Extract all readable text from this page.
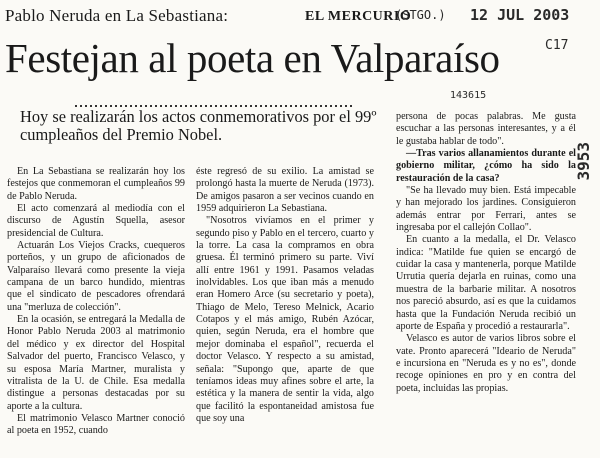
Pablo Neruda en La Sebastiana:	EL MERCURIO
(STGO.) 12 JUL 2003
C17
143615
3953
Festejan al poeta en Valparaíso
Hoy se realizarán los actos conmemorativos por el 99º cumpleaños del Premio Nobel.

En La Sebastiana se realizarán hoy los festejos que conmemoran el cumpleaños 99 de Pablo Neruda.

El acto comenzará al mediodía con el discurso de Agustín Squella, asesor presidencial de Cultura.

Actuarán Los Viejos Cracks, cuequeros porteños, y un grupo de aficionados de Valparaíso llevará como presente la vieja campana de un barco hundido, mientras que el sindicato de pescadores ofrendará una "merluza de colección".

En la ocasión, se entregará la Medalla de Honor Pablo Neruda 2003 al matrimonio del médico y ex director del Hospital Salvador del puerto, Francisco Velasco, y su esposa María Martner, muralista y vitralista de la U. de Chile. Esa medalla distingue a personas destacadas por su aporte a la cultura.

El matrimonio Velasco Martner conoció al poeta en 1952, cuando

éste regresó de su exilio. La amistad se prolongó hasta la muerte de Neruda (1973). De amigos pasaron a ser vecinos cuando en 1959 adquirieron La Sebastiana.

"Nosotros vivíamos en el primer y segundo piso y Pablo en el tercero, cuarto y la torre. La casa la compramos en obra gruesa. Él terminó primero su parte. Viví allí entre 1961 y 1991. Pasamos veladas inolvidables. Los que iban más a menudo eran Homero Arce (su secretario y poeta), Thiago de Melo, Tereso Melnick, Acario Cotapos y el más amigo, Rubén Azócar, quien, según Neruda, era el hombre que mejor dominaba el español", recuerda el doctor Velasco. Y respecto a su amistad, señala: "Supongo que, aparte de que teníamos ideas muy afines sobre el arte, la estética y la manera de sentir la vida, algo que facilitó la espontaneidad amistosa fue que soy una

persona de pocas palabras. Me gusta escuchar a las personas interesantes, y a él le gustaba hablar de todo".

—Tras varios allanamientos durante el gobierno militar, ¿cómo ha sido la restauración de la casa?

"Se ha llevado muy bien. Está impecable y han mejorado los jardines. Consiguieron además entrar por Ferrari, antes se ingresaba por el callejón Collao".

En cuanto a la medalla, el Dr. Velasco indica: "Matilde fue quien se encargó de cuidar la casa y mantenerla, porque Matilde Urrutia quería dejarla en ruinas, como una muestra de la barbarie militar. A nosotros nos pareció absurdo, así es que la cuidamos hasta que la Fundación Neruda recibió un aporte de España y procedió a restaurarla".

Velasco es autor de varios libros sobre el vate. Pronto aparecerá "Ideario de Neruda" e incursiona en "Neruda es y no es", donde recoge opiniones en pro y en contra del poeta, incluidas las propias.
